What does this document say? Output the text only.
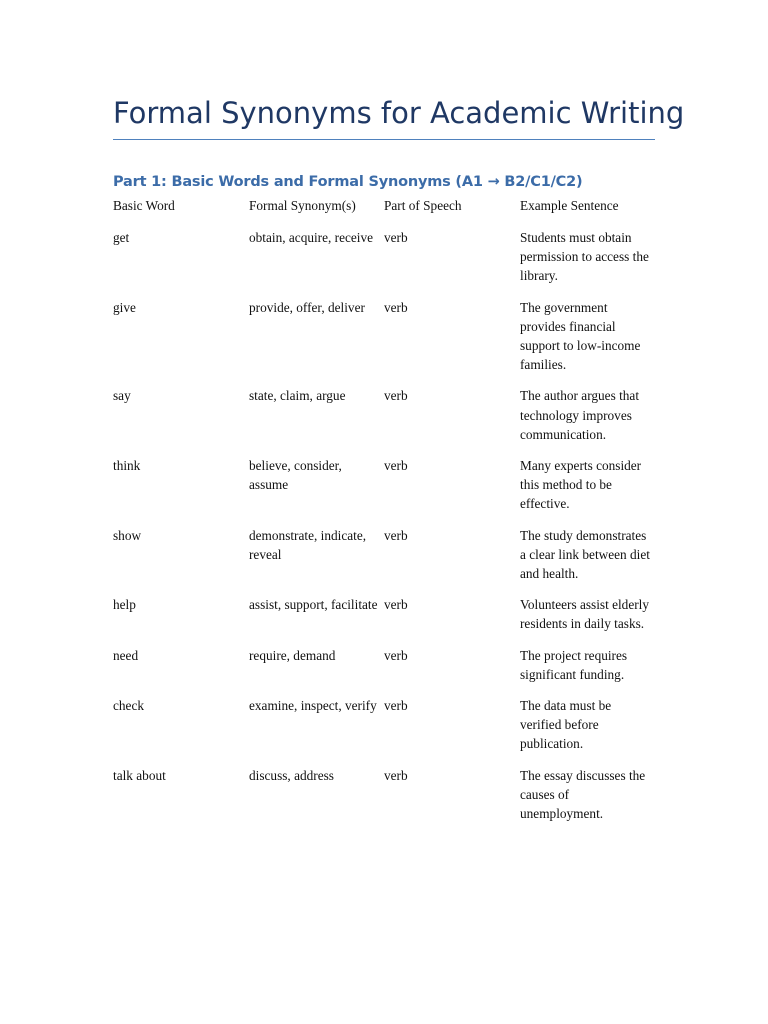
Formal Synonyms for Academic Writing
Part 1: Basic Words and Formal Synonyms (A1 → B2/C1/C2)
Basic Word	Formal Synonym(s)	Part of Speech	Example Sentence
get	obtain, acquire, receive	verb	Students must obtain permission to access the library.
give	provide, offer, deliver	verb	The government provides financial support to low-income families.
say	state, claim, argue	verb	The author argues that technology improves communication.
think	believe, consider, assume	verb	Many experts consider this method to be effective.
show	demonstrate, indicate, reveal	verb	The study demonstrates a clear link between diet and health.
help	assist, support, facilitate	verb	Volunteers assist elderly residents in daily tasks.
need	require, demand	verb	The project requires significant funding.
check	examine, inspect, verify	verb	The data must be verified before publication.
talk about	discuss, address	verb	The essay discusses the causes of unemployment.
